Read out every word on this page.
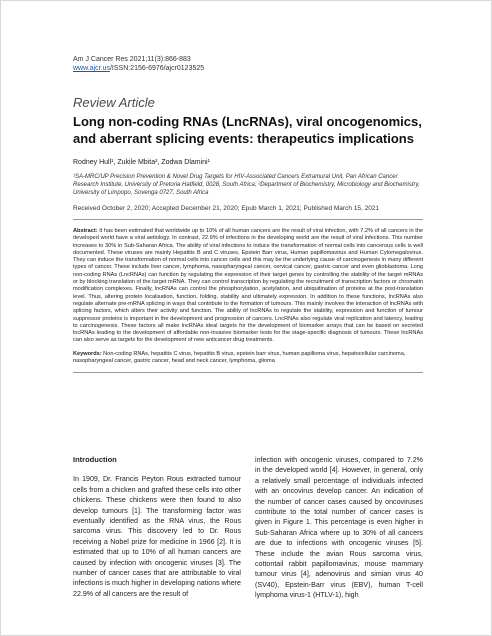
Am J Cancer Res 2021;11(3):866-883
www.ajcr.us/ISSN:2156-6976/ajcr0123525
Review Article
Long non-coding RNAs (LncRNAs), viral oncogenomics, and aberrant splicing events: therapeutics implications
Rodney Hull¹, Zukile Mbita², Zodwa Dlamini¹
¹SA-MRC/UP Precision Prevention & Novel Drug Targets for HIV-Associated Cancers Extramural Unit, Pan African Cancer Research Institute, University of Pretoria Hatfield, 0028, South Africa; ²Department of Biochemistry, Microbiology and Biochemistry, University of Limpopo, Sovenga 0727, South Africa
Received October 2, 2020; Accepted December 21, 2020; Epub March 1, 2021; Published March 15, 2021
Abstract: It has been estimated that worldwide up to 10% of all human cancers are the result of viral infection, with 7.2% of all cancers in the developed world have a viral aetiology. In contrast, 22.9% of infections in the developing world are the result of viral infections. This number increases to 30% in Sub-Saharan Africa. The ability of viral infections to induce the transformation of normal cells into cancerous cells is well documented. These viruses are mainly Hepatitis B and C viruses, Epstein Barr virus, Human papillomavirus and Human Cytomegalovirus. They can induce the transformation of normal cells into cancer cells and this may be the underlying cause of carcinogenesis in many different types of cancer. These include liver cancer, lymphoma, nasopharyngeal cancer, cervical cancer, gastric cancer and even glioblastoma. Long non-coding RNAs (LncRNAs) can function by regulating the expression of their target genes by controlling the stability of the target mRNAs or by blocking translation of the target mRNA. They can control transcription by regulating the recruitment of transcription factors or chromatin modification complexes. Finally, lncRNAs can control the phosphorylation, acetylation, and ubiquitination of proteins at the post-translation level. Thus, altering protein localisation, function, folding, stability and ultimately expression. In addition to these functions, lncRNAs also regulate alternate pre-mRNA splicing in ways that contribute to the formation of tumours. This mainly involves the interaction of lncRNAs with splicing factors, which alters their activity and function. The ability of lncRNAs to regulate the stability, expression and function of tumour suppressor proteins is important in the development and progression of cancers. LncRNAs also regulate viral replication and latency, leading to carcinogenesis. These factors all make lncRNAs ideal targets for the development of biomarker arrays that can be based on secreted lncRNAs leading to the development of affordable non-invasive biomarker tests for the stage-specific diagnosis of tumours. These lncRNAs can also serve as targets for the development of new anticancer drug treatments.
Keywords: Non-coding RNAs, hepatitis C virus, hepatitis B virus, epstein barr virus, human papilloma virus, hepatocellular carcinoma, nasopharyngeal cancer, gastric cancer, head and neck cancer, lymphoma, glioma
Introduction
In 1909, Dr. Francis Peyton Rous extracted tumour cells from a chicken and grafted these cells into other chickens. These chickens were then found to also develop tumours [1]. The transforming factor was eventually identified as the RNA virus, the Rous sarcoma virus. This discovery led to Dr. Rous receiving a Nobel prize for medicine in 1966 [2]. It is estimated that up to 10% of all human cancers are caused by infection with oncogenic viruses [3]. The number of cancer cases that are attributable to viral infections is much higher in developing nations where 22.9% of all cancers are the result of
infection with oncogenic viruses, compared to 7.2% in the developed world [4]. However, in general, only a relatively small percentage of individuals infected with an oncovirus develop cancer. An indication of the number of cancer cases caused by oncoviruses contribute to the total number of cancer cases is given in Figure 1. This percentage is even higher in Sub-Saharan Africa where up to 30% of all cancers are due to infections with oncogenic viruses [5]. These include the avian Rous sarcoma virus, cottontail rabbit papillomavirus, mouse mammary tumour virus [4], adenovirus and simian virus 40 (SV40), Epstein-Barr virus (EBV), human T-cell lymphoma virus-1 (HTLV-1), high
